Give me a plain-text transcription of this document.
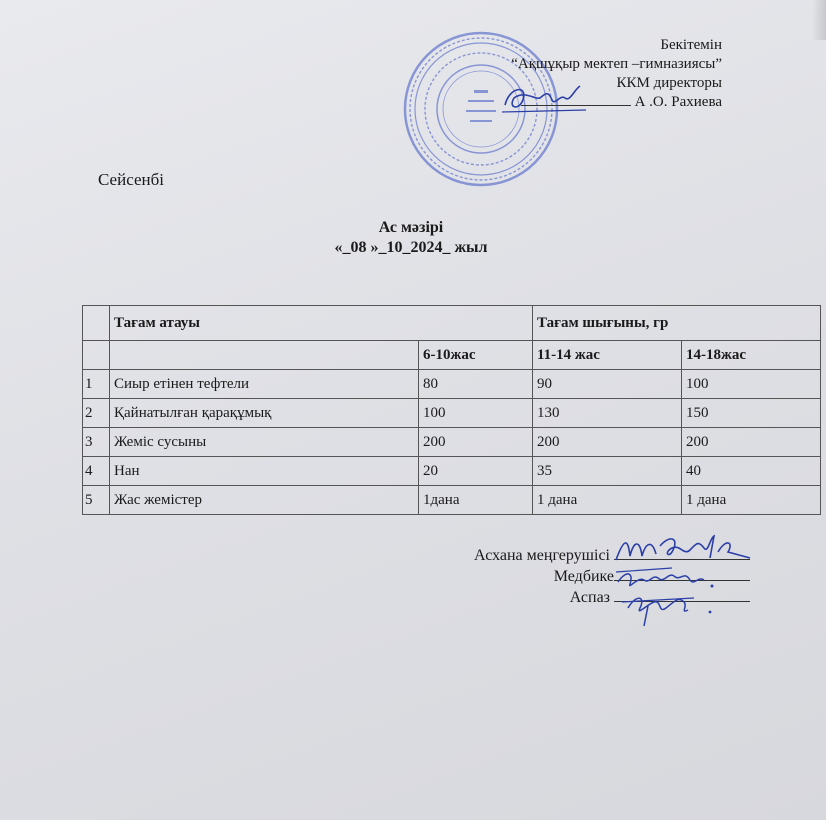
Бекітемін
“Ақшұқыр мектеп –гимназиясы”
ККМ директоры
А .О. Рахиева
Сейсенбі
Ас мәзірі
«_08 »_10_2024_ жыл
	Тағам атауы		Тағам шығыны, гр	
		6-10жас	11-14 жас	14-18жас
1	Сиыр етінен тефтели	80	90	100
2	Қайнатылған қарақұмық	100	130	150
3	Жеміс сусыны	200	200	200
4	Нан	20	35	40
5	Жас жемістер	1дана	1 дана	1 дана
Асхана меңгерушісі
Медбике
Аспаз
